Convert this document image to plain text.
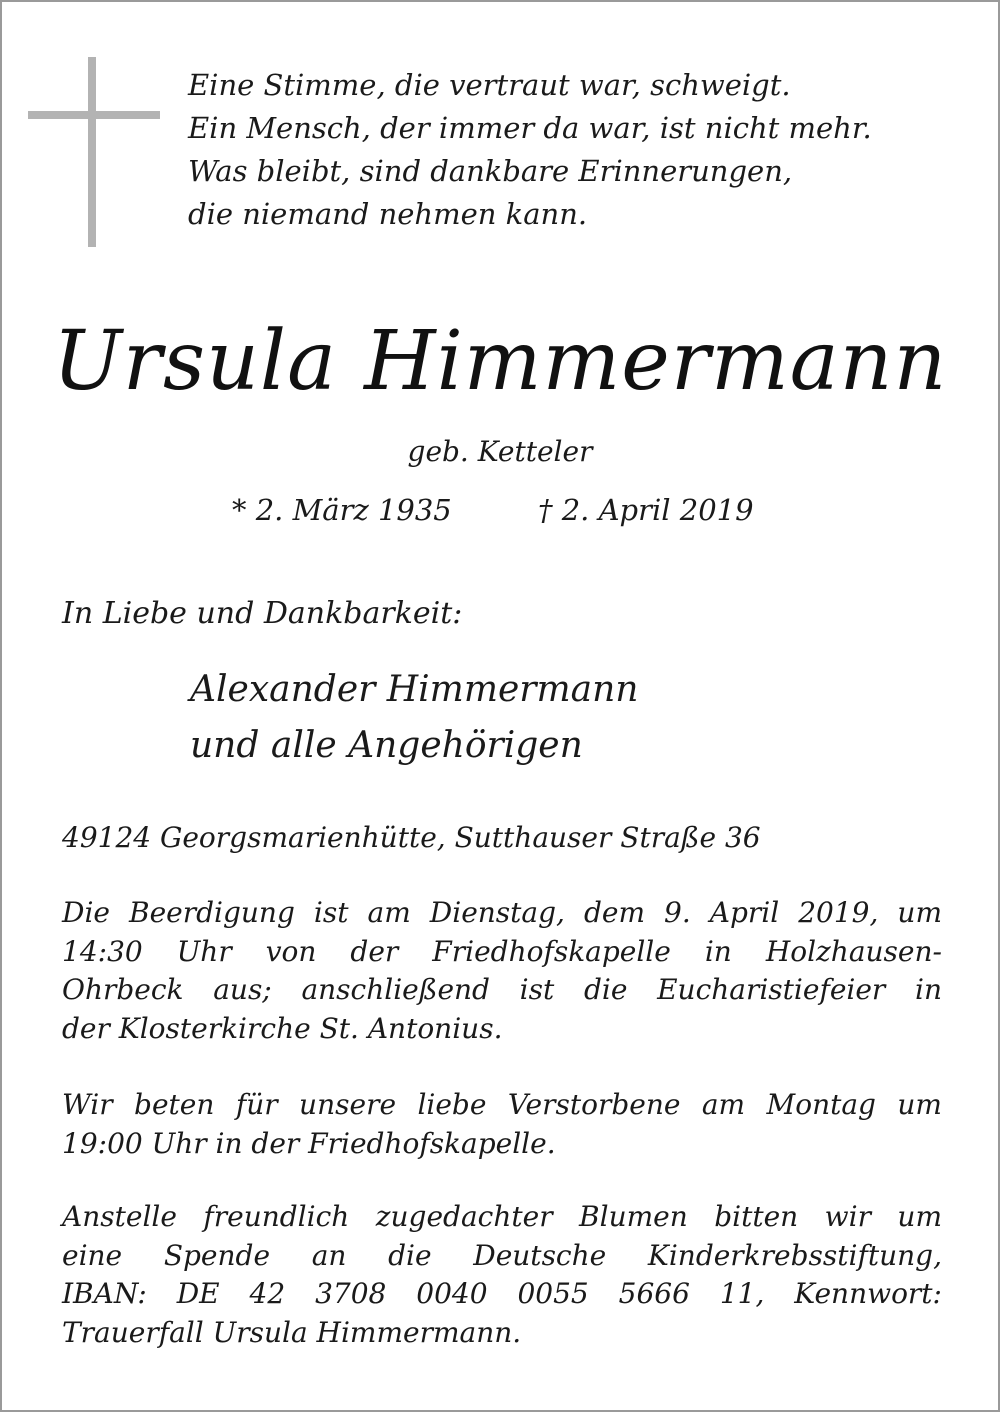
Eine Stimme, die vertraut war, schweigt.
Ein Mensch, der immer da war, ist nicht mehr.
Was bleibt, sind dankbare Erinnerungen,
die niemand nehmen kann.
Ursula Himmermann
geb. Ketteler
* 2. März 1935	† 2. April 2019
In Liebe und Dankbarkeit:
Alexander Himmermann
und alle Angehörigen
49124 Georgsmarienhütte, Sutthauser Straße 36
Die Beerdigung ist am Dienstag, dem 9. April 2019, um
14:30 Uhr von der Friedhofskapelle in Holzhausen-
Ohrbeck aus; anschließend ist die Eucharistiefeier in
der Klosterkirche St. Antonius.
Wir beten für unsere liebe Verstorbene am Montag um
19:00 Uhr in der Friedhofskapelle.
Anstelle freundlich zugedachter Blumen bitten wir um
eine Spende an die Deutsche Kinderkrebsstiftung,
IBAN: DE 42 3708 0040 0055 5666 11, Kennwort:
Trauerfall Ursula Himmermann.
